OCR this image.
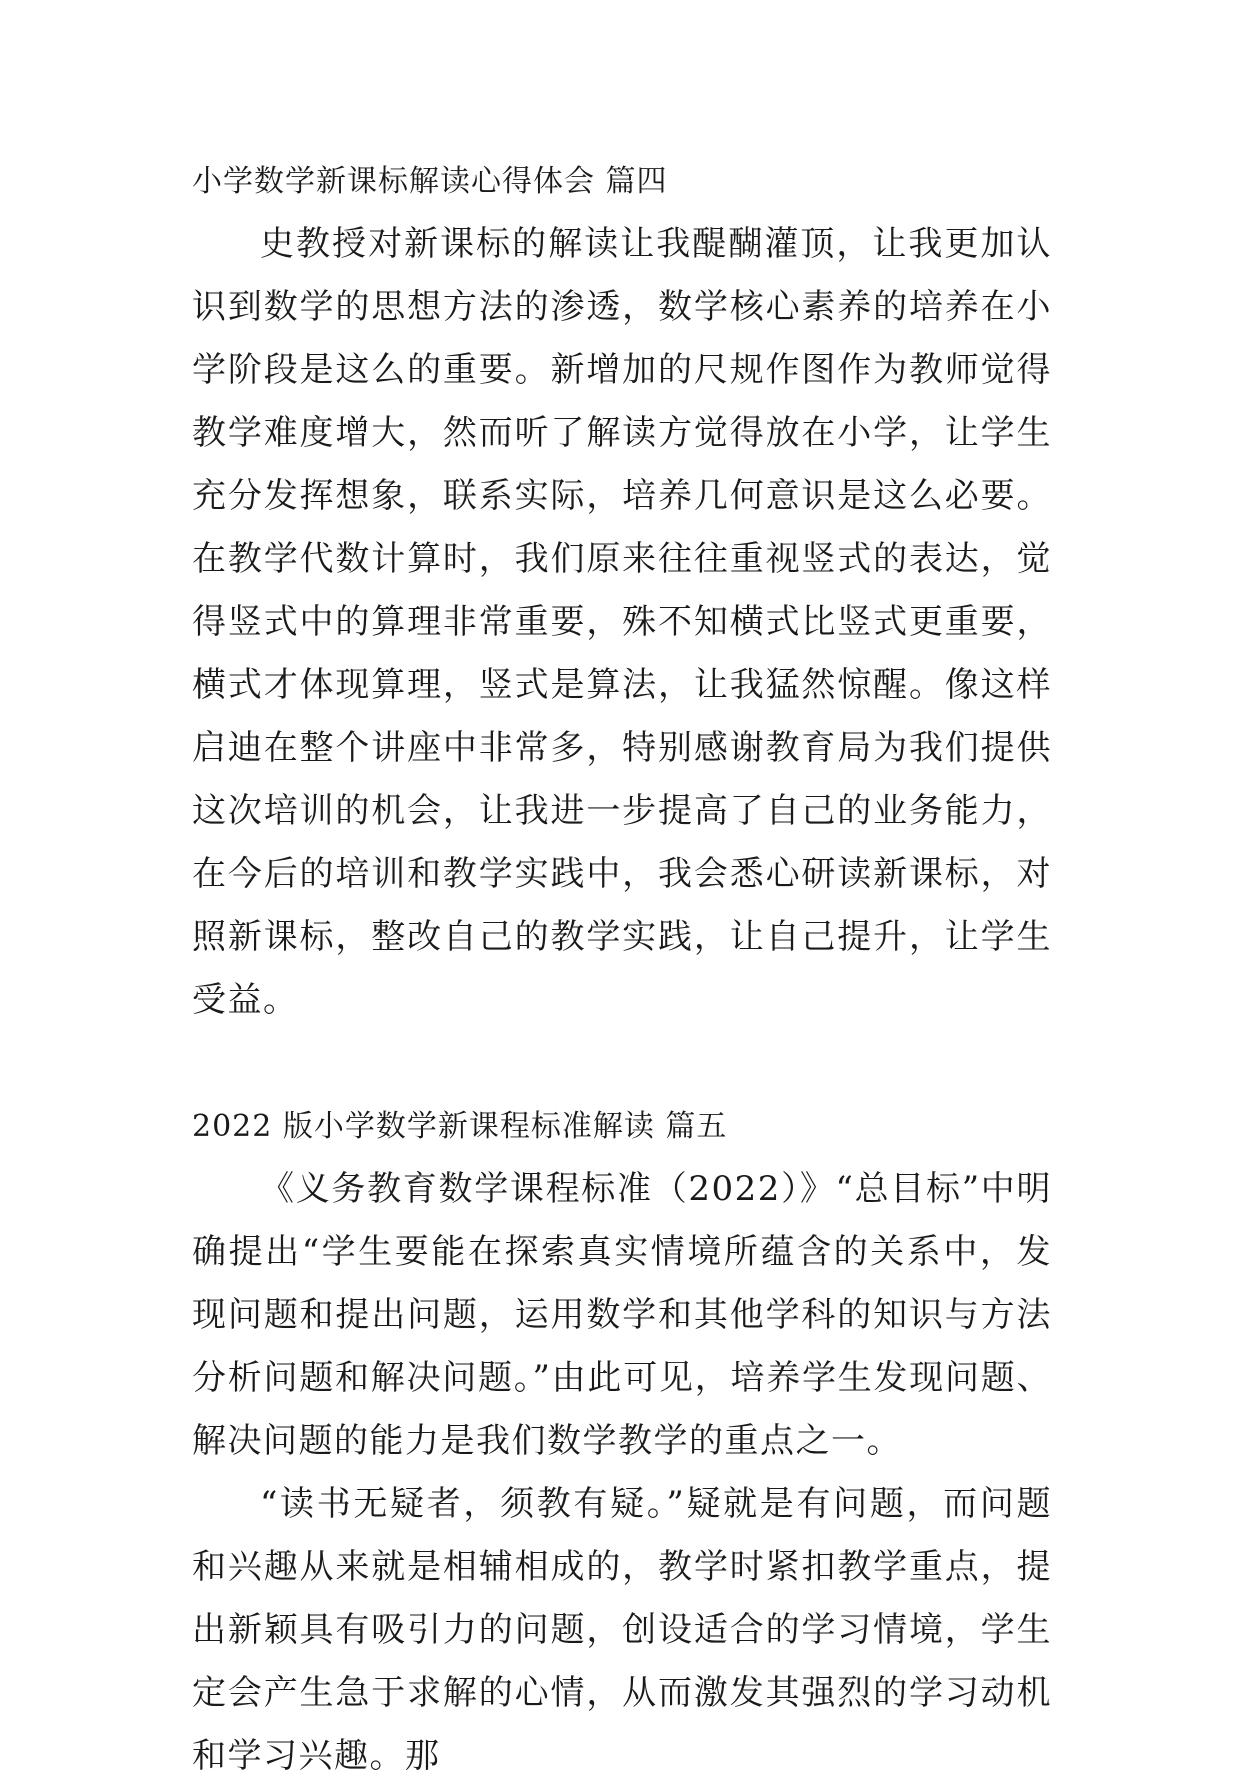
小学数学新课标解读心得体会 篇四

史教授对新课标的解读让我醍醐灌顶，让我更加认识到数学的思想方法的渗透，数学核心素养的培养在小学阶段是这么的重要。新增加的尺规作图作为教师觉得教学难度增大，然而听了解读方觉得放在小学，让学生充分发挥想象，联系实际，培养几何意识是这么必要。在教学代数计算时，我们原来往往重视竖式的表达，觉得竖式中的算理非常重要，殊不知横式比竖式更重要，横式才体现算理，竖式是算法，让我猛然惊醒。像这样启迪在整个讲座中非常多，特别感谢教育局为我们提供这次培训的机会，让我进一步提高了自己的业务能力，在今后的培训和教学实践中，我会悉心研读新课标，对照新课标，整改自己的教学实践，让自己提升，让学生受益。

2022 版小学数学新课程标准解读 篇五

《义务教育数学课程标准（2022）》“总目标”中明确提出“学生要能在探索真实情境所蕴含的关系中，发现问题和提出问题，运用数学和其他学科的知识与方法分析问题和解决问题。”由此可见，培养学生发现问题、解决问题的能力是我们数学教学的重点之一。

“读书无疑者，须教有疑。”疑就是有问题，而问题和兴趣从来就是相辅相成的，教学时紧扣教学重点，提出新颖具有吸引力的问题，创设适合的学习情境，学生定会产生急于求解的心情，从而激发其强烈的学习动机和学习兴趣。那
